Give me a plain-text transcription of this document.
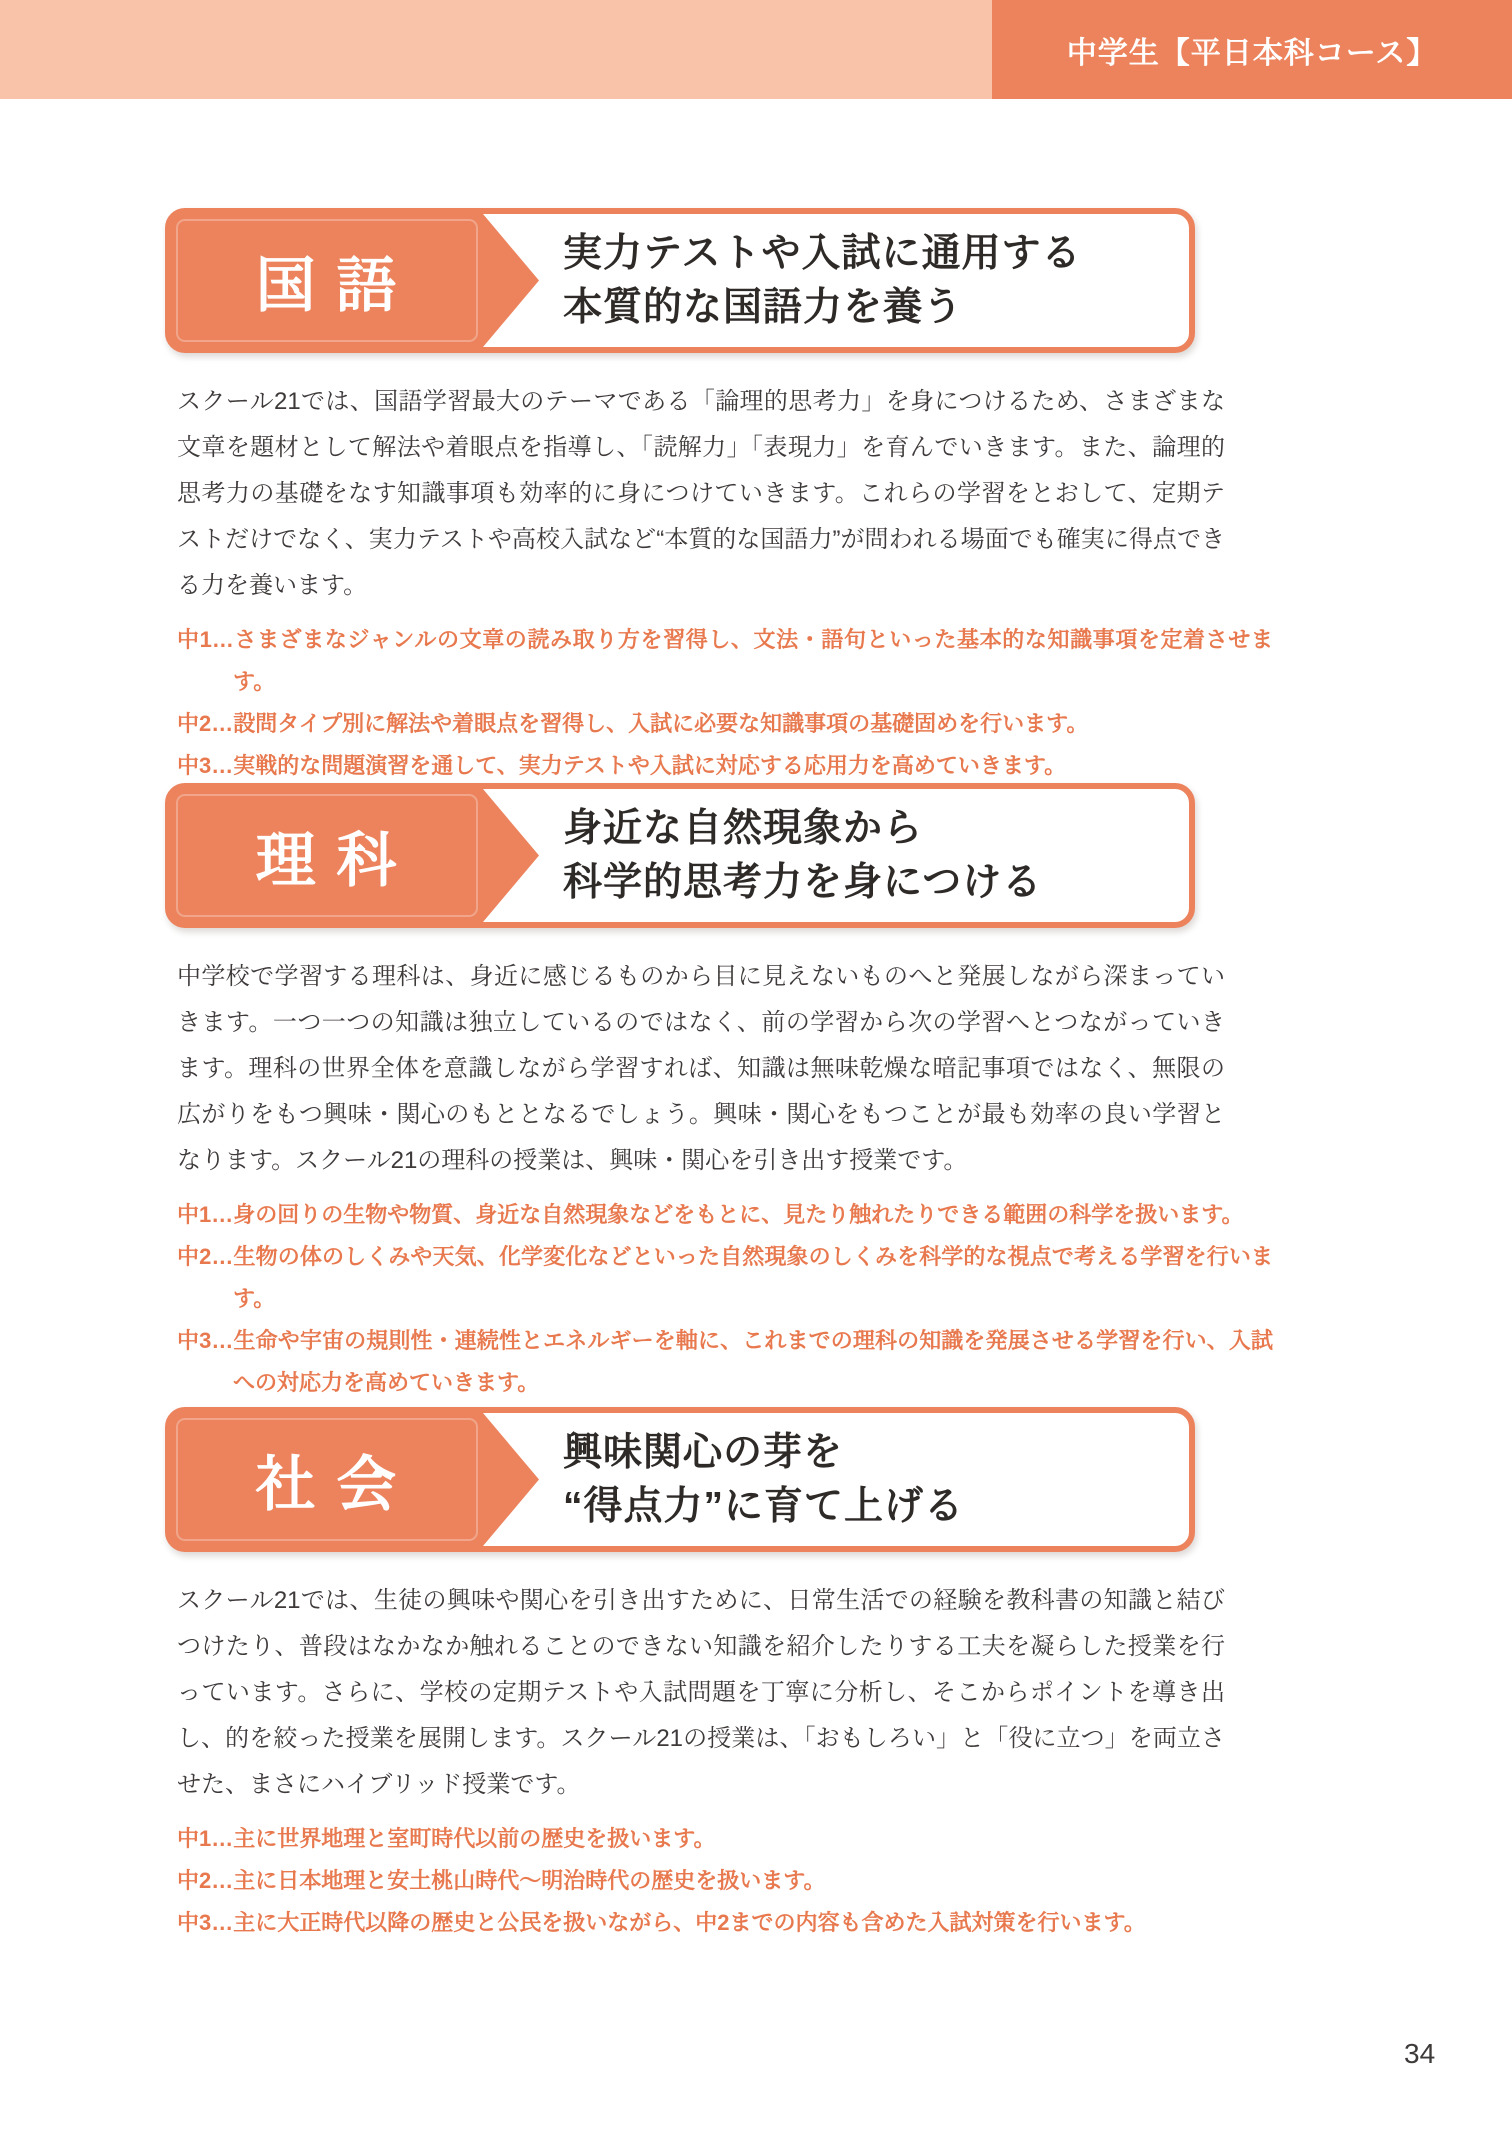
中学生【平日本科コース】
国 語	実力テストや入試に通用する
本質的な国語力を養う

スクール21では、国語学習最大のテーマである「論理的思考力」を身につけるため、さまざまな文章を題材として解法や着眼点を指導し、「読解力」「表現力」を育んでいきます。また、論理的思考力の基礎をなす知識事項も効率的に身につけていきます。これらの学習をとおして、定期テストだけでなく、実力テストや高校入試など“本質的な国語力”が問われる場面でも確実に得点できる力を養います。

中1…さまざまなジャンルの文章の読み取り方を習得し、文法・語句といった基本的な知識事項を定着させます。

中2…設問タイプ別に解法や着眼点を習得し、入試に必要な知識事項の基礎固めを行います。

中3…実戦的な問題演習を通して、実力テストや入試に対応する応用力を高めていきます。

理 科	身近な自然現象から
科学的思考力を身につける

中学校で学習する理科は、身近に感じるものから目に見えないものへと発展しながら深まっていきます。一つ一つの知識は独立しているのではなく、前の学習から次の学習へとつながっていきます。理科の世界全体を意識しながら学習すれば、知識は無味乾燥な暗記事項ではなく、無限の広がりをもつ興味・関心のもととなるでしょう。興味・関心をもつことが最も効率の良い学習となります。スクール21の理科の授業は、興味・関心を引き出す授業です。

中1…身の回りの生物や物質、身近な自然現象などをもとに、見たり触れたりできる範囲の科学を扱います。

中2…生物の体のしくみや天気、化学変化などといった自然現象のしくみを科学的な視点で考える学習を行います。

中3…生命や宇宙の規則性・連続性とエネルギーを軸に、これまでの理科の知識を発展させる学習を行い、入試への対応力を高めていきます。

社 会	興味関心の芽を
“得点力”に育て上げる

スクール21では、生徒の興味や関心を引き出すために、日常生活での経験を教科書の知識と結びつけたり、普段はなかなか触れることのできない知識を紹介したりする工夫を凝らした授業を行っています。さらに、学校の定期テストや入試問題を丁寧に分析し、そこからポイントを導き出し、的を絞った授業を展開します。スクール21の授業は、「おもしろい」と「役に立つ」を両立させた、まさにハイブリッド授業です。

中1…主に世界地理と室町時代以前の歴史を扱います。

中2…主に日本地理と安土桃山時代〜明治時代の歴史を扱います。

中3…主に大正時代以降の歴史と公民を扱いながら、中2までの内容も含めた入試対策を行います。

34
